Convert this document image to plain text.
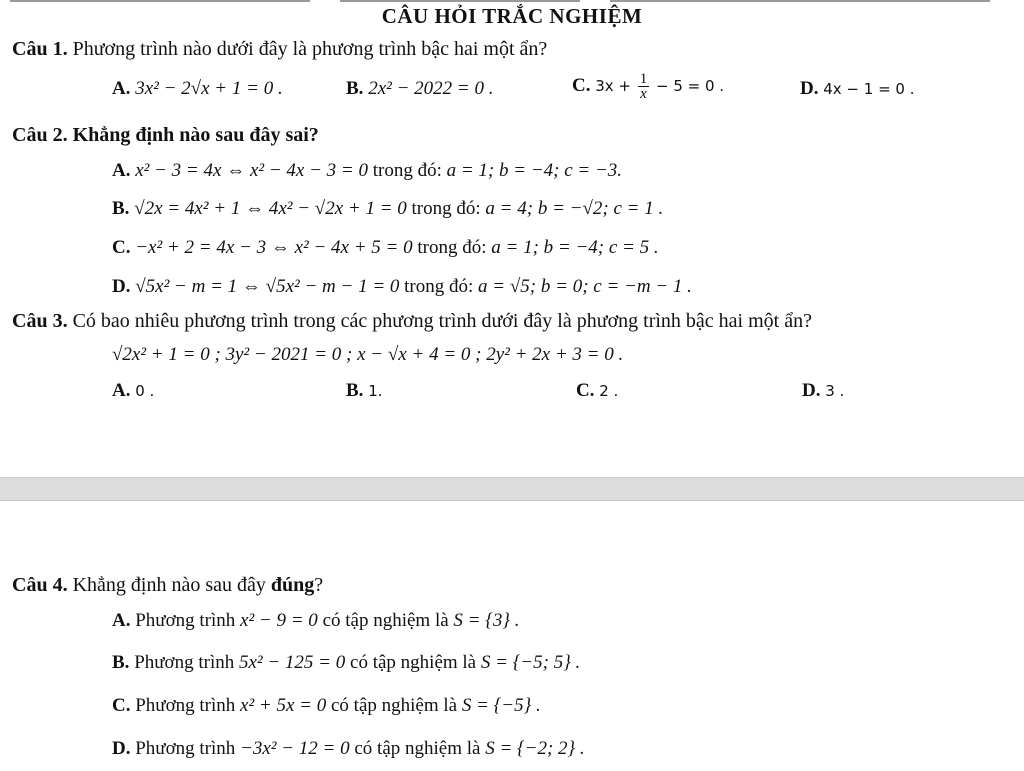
CÂU HỎI TRẮC NGHIỆM
Câu 1. Phương trình nào dưới đây là phương trình bậc hai một ẩn?
A. 3x² − 2√x + 1 = 0 .	B. 2x² − 2022 = 0 .	C. $3x + \frac{1}{x} - 5 = 0$ .	D. 4x − 1 = 0 .
Câu 2. Khẳng định nào sau đây sai?
A. x² − 3 = 4x ⇔ x² − 4x − 3 = 0 trong đó: a = 1; b = −4; c = −3.
B. √2x = 4x² + 1 ⇔ 4x² − √2x + 1 = 0 trong đó: a = 4; b = −√2; c = 1 .
C. −x² + 2 = 4x − 3 ⇔ x² − 4x + 5 = 0 trong đó: a = 1; b = −4; c = 5 .
D. √5x² − m = 1 ⇔ √5x² − m − 1 = 0 trong đó: a = √5; b = 0; c = −m − 1 .
Câu 3. Có bao nhiêu phương trình trong các phương trình dưới đây là phương trình bậc hai một ẩn?
√2x² + 1 = 0 ; 3y² − 2021 = 0 ; x − √x + 4 = 0 ; 2y² + 2x + 3 = 0 .
A. 0 .	B. 1.	C. 2 .	D. 3 .
Câu 4. Khẳng định nào sau đây đúng?
A. Phương trình x² − 9 = 0 có tập nghiệm là S = {3} .
B. Phương trình 5x² − 125 = 0 có tập nghiệm là S = {−5; 5} .
C. Phương trình x² + 5x = 0 có tập nghiệm là S = {−5} .
D. Phương trình −3x² − 12 = 0 có tập nghiệm là S = {−2; 2} .
